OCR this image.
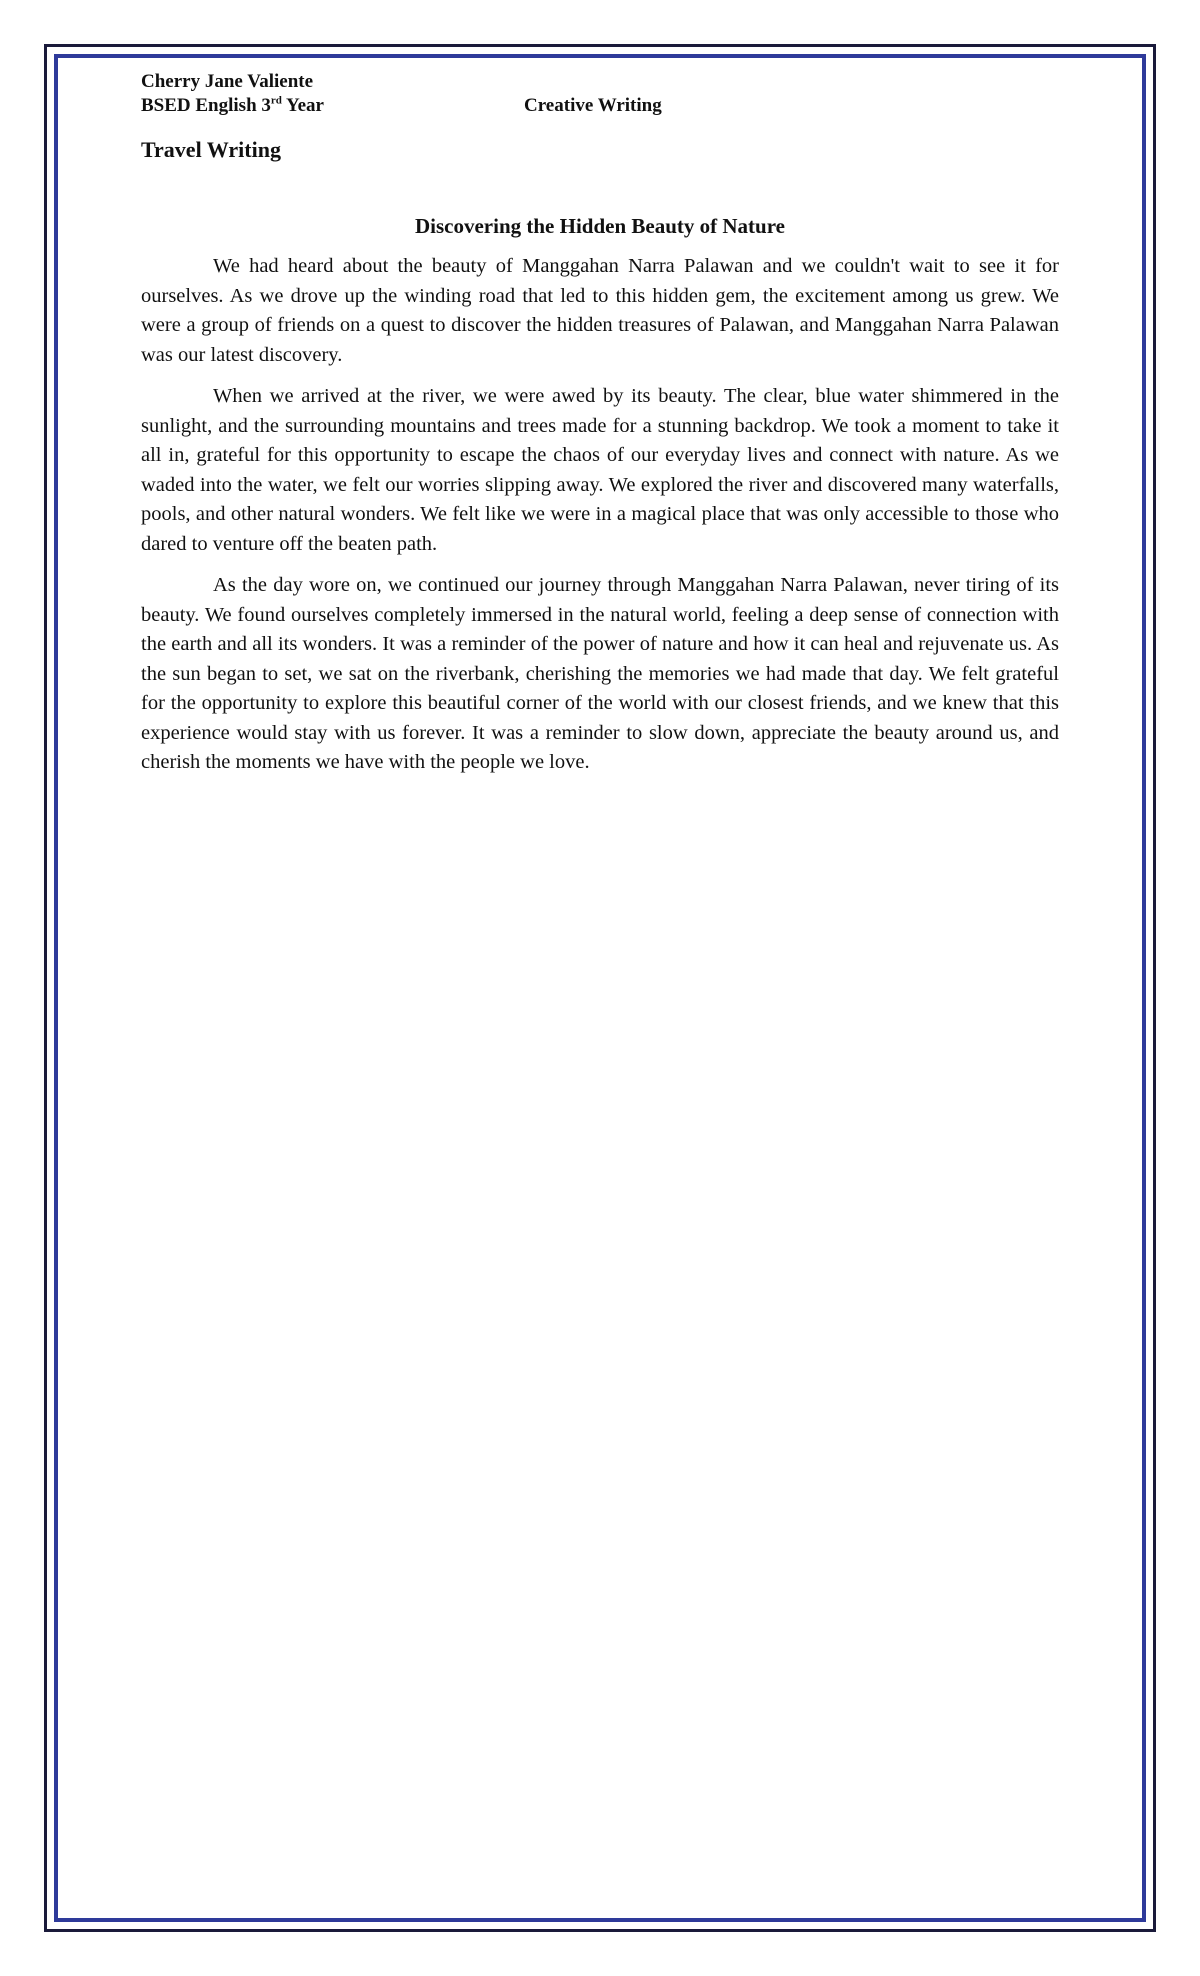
Cherry Jane Valiente
BSED English 3rd Year	Creative Writing
Travel Writing
Discovering the Hidden Beauty of Nature

We had heard about the beauty of Manggahan Narra Palawan and we couldn't wait to see it for ourselves. As we drove up the winding road that led to this hidden gem, the excitement among us grew. We were a group of friends on a quest to discover the hidden treasures of Palawan, and Manggahan Narra Palawan was our latest discovery.

When we arrived at the river, we were awed by its beauty. The clear, blue water shimmered in the sunlight, and the surrounding mountains and trees made for a stunning backdrop. We took a moment to take it all in, grateful for this opportunity to escape the chaos of our everyday lives and connect with nature. As we waded into the water, we felt our worries slipping away. We explored the river and discovered many waterfalls, pools, and other natural wonders. We felt like we were in a magical place that was only accessible to those who dared to venture off the beaten path.

As the day wore on, we continued our journey through Manggahan Narra Palawan, never tiring of its beauty. We found ourselves completely immersed in the natural world, feeling a deep sense of connection with the earth and all its wonders. It was a reminder of the power of nature and how it can heal and rejuvenate us. As the sun began to set, we sat on the riverbank, cherishing the memories we had made that day. We felt grateful for the opportunity to explore this beautiful corner of the world with our closest friends, and we knew that this experience would stay with us forever. It was a reminder to slow down, appreciate the beauty around us, and cherish the moments we have with the people we love.
